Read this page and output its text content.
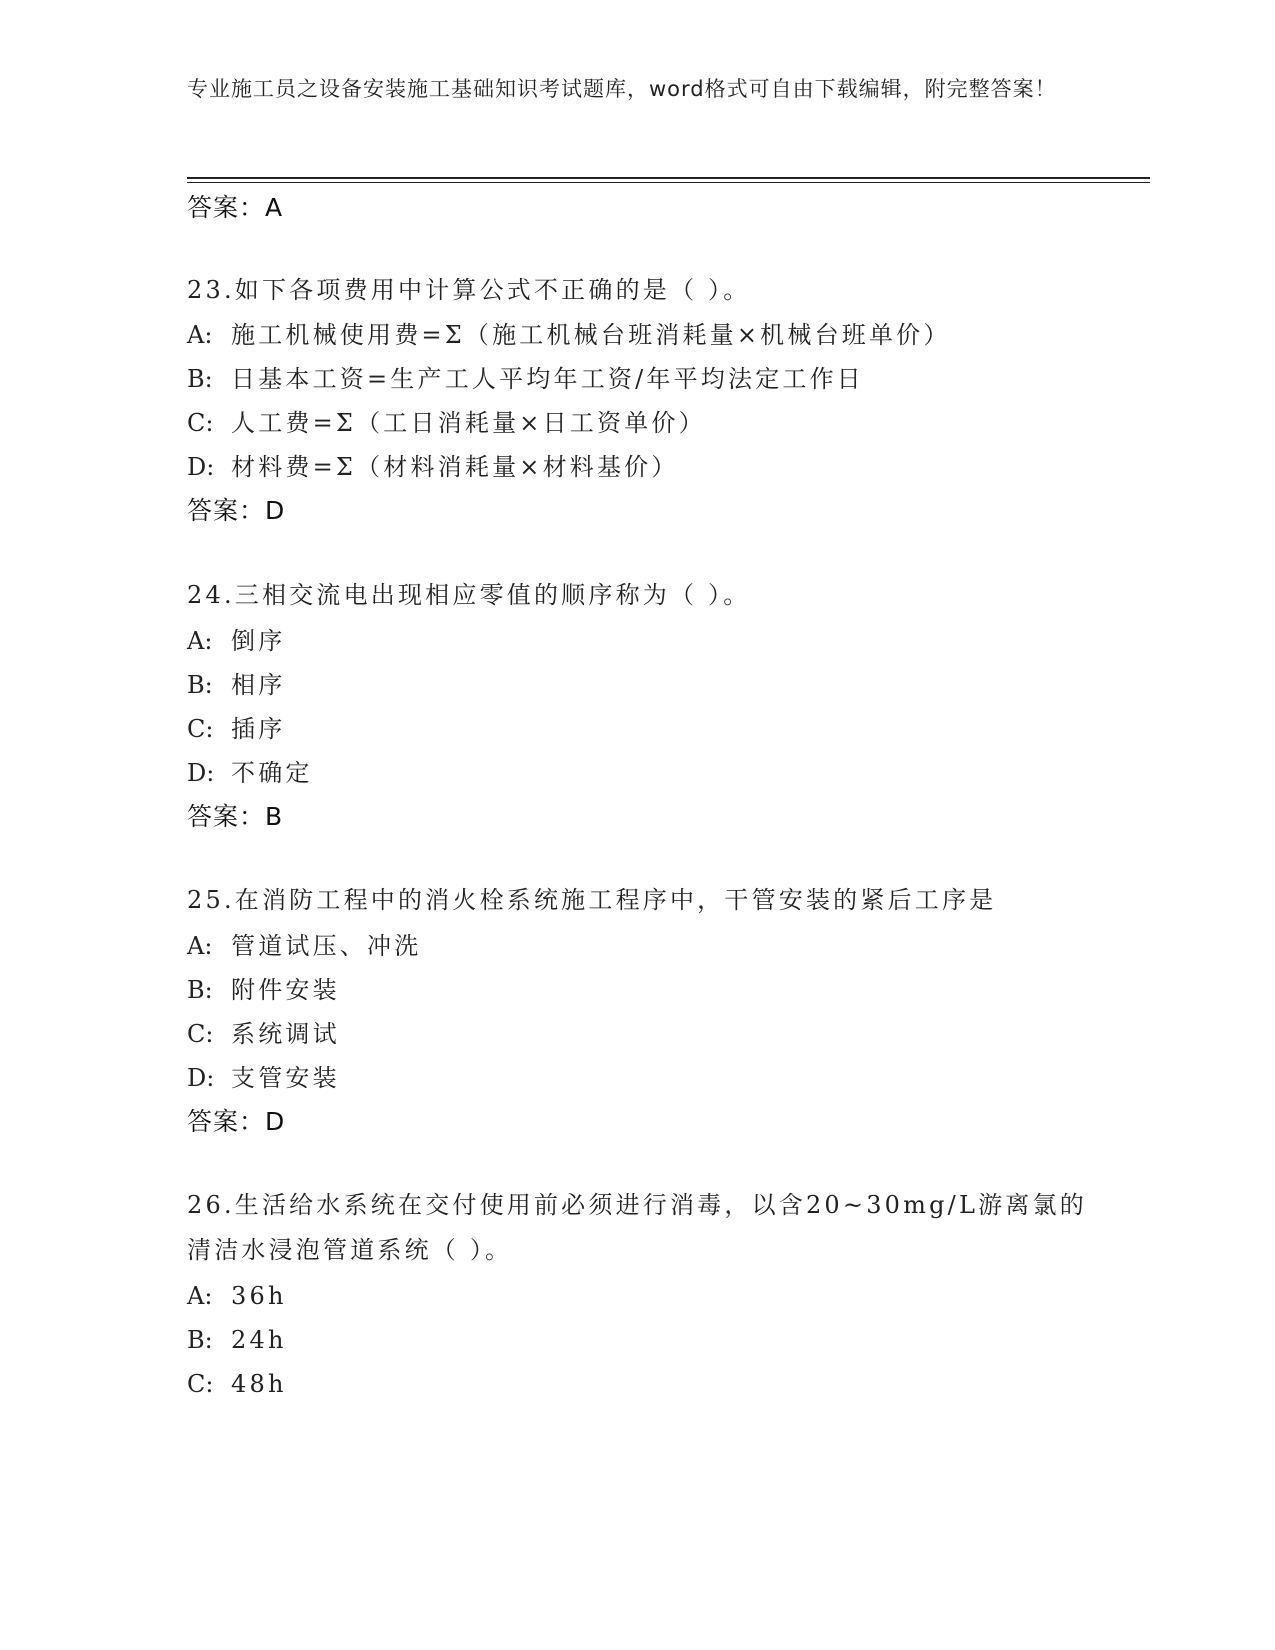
专业施工员之设备安装施工基础知识考试题库，word格式可自由下载编辑，附完整答案！
答案：A
23.如下各项费用中计算公式不正确的是（ ）。
A: 施工机械使用费=Σ（施工机械台班消耗量×机械台班单价）
B: 日基本工资=生产工人平均年工资/年平均法定工作日
C: 人工费=Σ（工日消耗量×日工资单价）
D: 材料费=Σ（材料消耗量×材料基价）
答案：D
24.三相交流电出现相应零值的顺序称为（ ）。
A: 倒序
B: 相序
C: 插序
D: 不确定
答案：B
25.在消防工程中的消火栓系统施工程序中，干管安装的紧后工序是
A: 管道试压、冲洗
B: 附件安装
C: 系统调试
D: 支管安装
答案：D
26.生活给水系统在交付使用前必须进行消毒，以含20~30mg/L游离氯的清洁水浸泡管道系统（ ）。
A: 36h
B: 24h
C: 48h
